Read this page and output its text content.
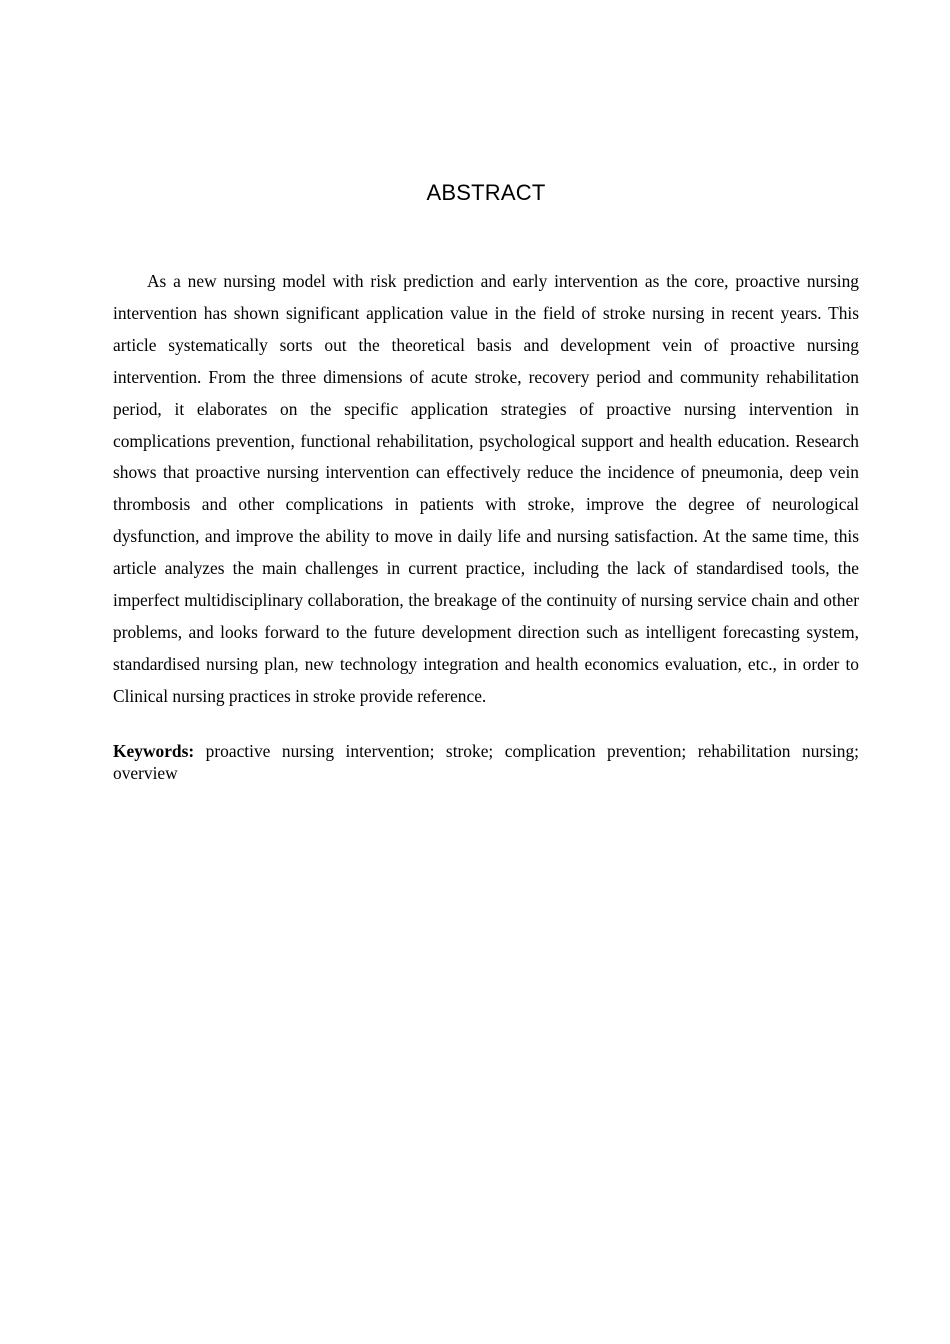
ABSTRACT

As a new nursing model with risk prediction and early intervention as the core, proactive nursing intervention has shown significant application value in the field of stroke nursing in recent years. This article systematically sorts out the theoretical basis and development vein of proactive nursing intervention. From the three dimensions of acute stroke, recovery period and community rehabilitation period, it elaborates on the specific application strategies of proactive nursing intervention in complications prevention, functional rehabilitation, psychological support and health education. Research shows that proactive nursing intervention can effectively reduce the incidence of pneumonia, deep vein thrombosis and other complications in patients with stroke, improve the degree of neurological dysfunction, and improve the ability to move in daily life and nursing satisfaction. At the same time, this article analyzes the main challenges in current practice, including the lack of standardised tools, the imperfect multidisciplinary collaboration, the breakage of the continuity of nursing service chain and other problems, and looks forward to the future development direction such as intelligent forecasting system, standardised nursing plan, new technology integration and health economics evaluation, etc., in order to Clinical nursing practices in stroke provide reference.

Keywords: proactive nursing intervention; stroke; complication prevention; rehabilitation nursing; overview
